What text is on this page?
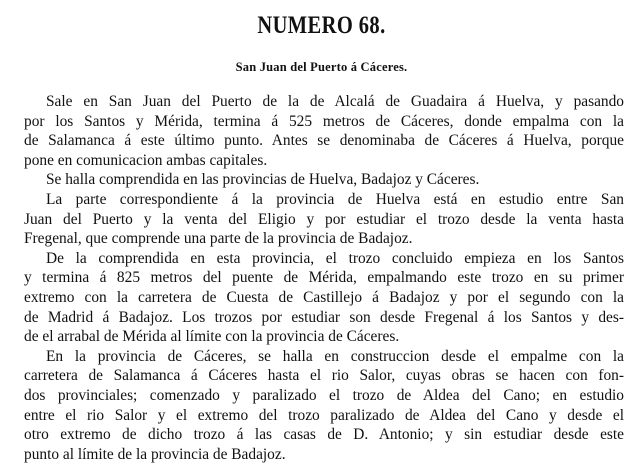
NUMERO 68.
San Juan del Puerto á Cáceres.
Sale en San Juan del Puerto de la de Alcalá de Guadaira á Huelva, y pasando
por los Santos y Mérida, termina á 525 metros de Cáceres, donde empalma con la
de Salamanca á este último punto. Antes se denominaba de Cáceres á Huelva, porque
pone en comunicacion ambas capitales.
Se halla comprendida en las provincias de Huelva, Badajoz y Cáceres.
La parte correspondiente á la provincia de Huelva está en estudio entre San
Juan del Puerto y la venta del Eligio y por estudiar el trozo desde la venta hasta
Fregenal, que comprende una parte de la provincia de Badajoz.
De la comprendida en esta provincia, el trozo concluido empieza en los Santos
y termina á 825 metros del puente de Mérida, empalmando este trozo en su primer
extremo con la carretera de Cuesta de Castillejo á Badajoz y por el segundo con la
de Madrid á Badajoz. Los trozos por estudiar son desde Fregenal á los Santos y des-
de el arrabal de Mérida al límite con la provincia de Cáceres.
En la provincia de Cáceres, se halla en construccion desde el empalme con la
carretera de Salamanca á Cáceres hasta el rio Salor, cuyas obras se hacen con fon-
dos provinciales; comenzado y paralizado el trozo de Aldea del Cano; en estudio
entre el rio Salor y el extremo del trozo paralizado de Aldea del Cano y desde el
otro extremo de dicho trozo á las casas de D. Antonio; y sin estudiar desde este
punto al límite de la provincia de Badajoz.
